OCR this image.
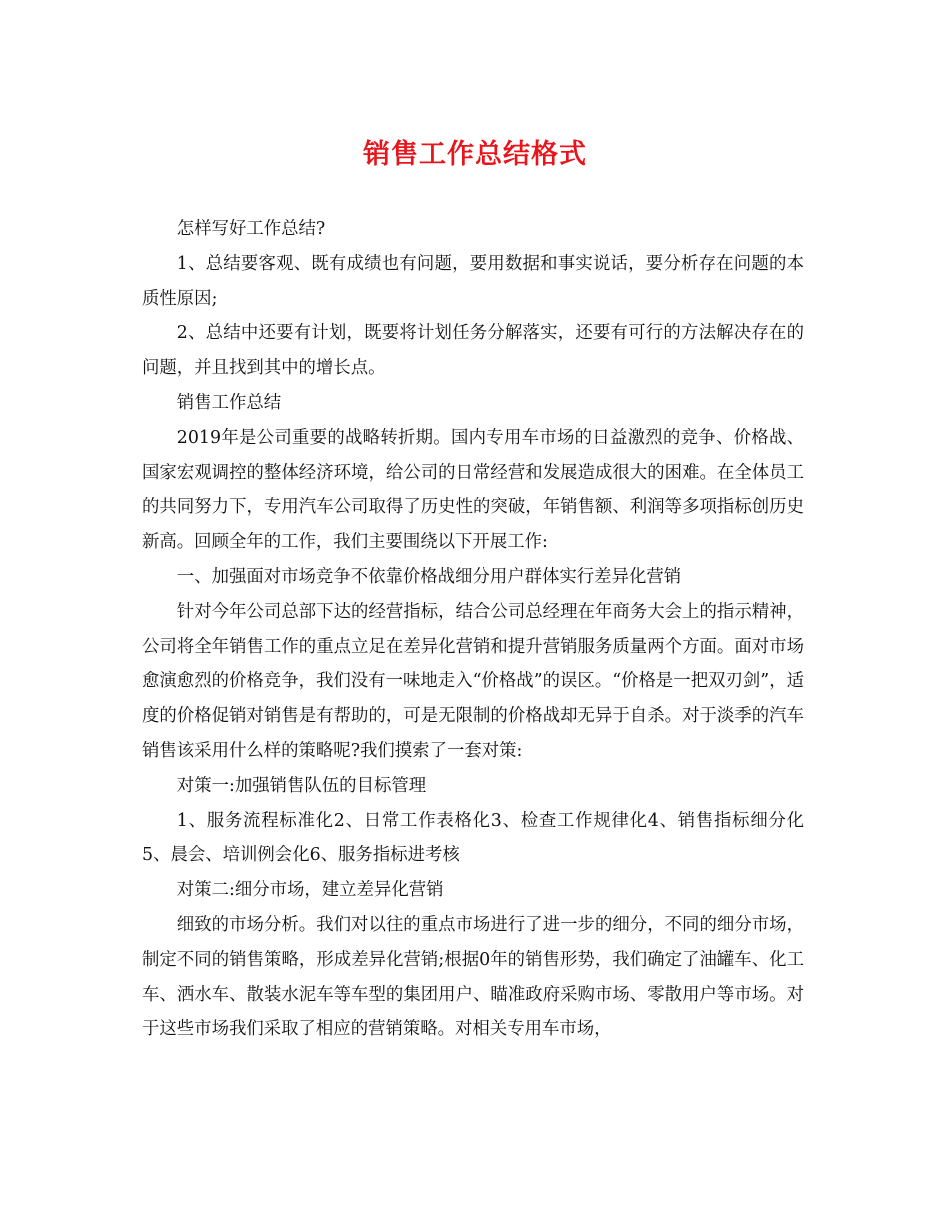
销售工作总结格式

怎样写好工作总结?

1、总结要客观、既有成绩也有问题，要用数据和事实说话，要分析存在问题的本质性原因;

2、总结中还要有计划，既要将计划任务分解落实，还要有可行的方法解决存在的问题，并且找到其中的增长点。

销售工作总结

2019年是公司重要的战略转折期。国内专用车市场的日益激烈的竞争、价格战、国家宏观调控的整体经济环境，给公司的日常经营和发展造成很大的困难。在全体员工的共同努力下，专用汽车公司取得了历史性的突破，年销售额、利润等多项指标创历史新高。回顾全年的工作，我们主要围绕以下开展工作:

一、加强面对市场竞争不依靠价格战细分用户群体实行差异化营销

针对今年公司总部下达的经营指标，结合公司总经理在年商务大会上的指示精神，公司将全年销售工作的重点立足在差异化营销和提升营销服务质量两个方面。面对市场愈演愈烈的价格竞争，我们没有一味地走入“价格战”的误区。“价格是一把双刃剑”，适度的价格促销对销售是有帮助的，可是无限制的价格战却无异于自杀。对于淡季的汽车销售该采用什么样的策略呢?我们摸索了一套对策:

对策一:加强销售队伍的目标管理

1、服务流程标准化2、日常工作表格化3、检查工作规律化4、销售指标细分化5、晨会、培训例会化6、服务指标进考核

对策二:细分市场，建立差异化营销

细致的市场分析。我们对以往的重点市场进行了进一步的细分，不同的细分市场，制定不同的销售策略，形成差异化营销;根据0年的销售形势，我们确定了油罐车、化工车、洒水车、散装水泥车等车型的集团用户、瞄准政府采购市场、零散用户等市场。对于这些市场我们采取了相应的营销策略。对相关专用车市场，
